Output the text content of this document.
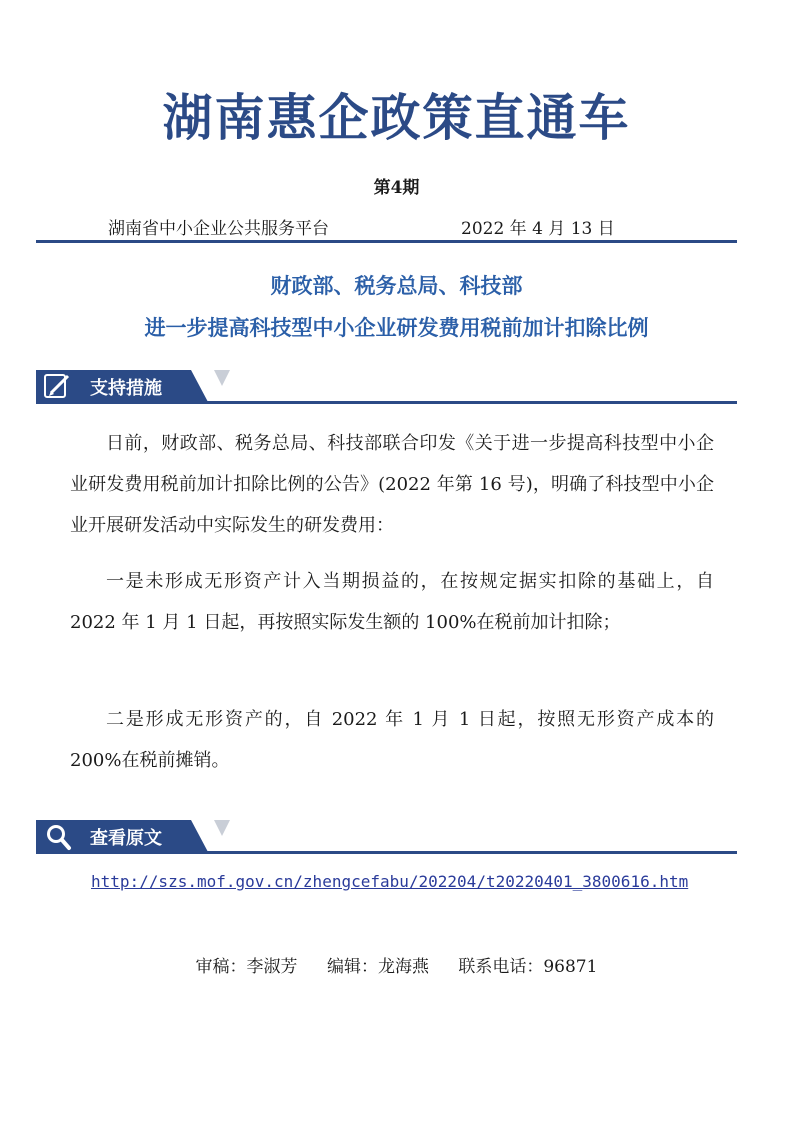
湖南惠企政策直通车
第4期
湖南省中小企业公共服务平台	2022 年 4 月 13 日
财政部、税务总局、科技部
进一步提高科技型中小企业研发费用税前加计扣除比例
支持措施
日前，财政部、税务总局、科技部联合印发《关于进一步提高科技型中小企业研发费用税前加计扣除比例的公告》(2022 年第 16 号)，明确了科技型中小企业开展研发活动中实际发生的研发费用：
一是未形成无形资产计入当期损益的，在按规定据实扣除的基础上，自 2022 年 1 月 1 日起，再按照实际发生额的 100%在税前加计扣除；
二是形成无形资产的，自 2022 年 1 月 1 日起，按照无形资产成本的 200%在税前摊销。
查看原文
http://szs.mof.gov.cn/zhengcefabu/202204/t20220401_3800616.htm
审稿：李淑芳 编辑：龙海燕 联系电话：96871
